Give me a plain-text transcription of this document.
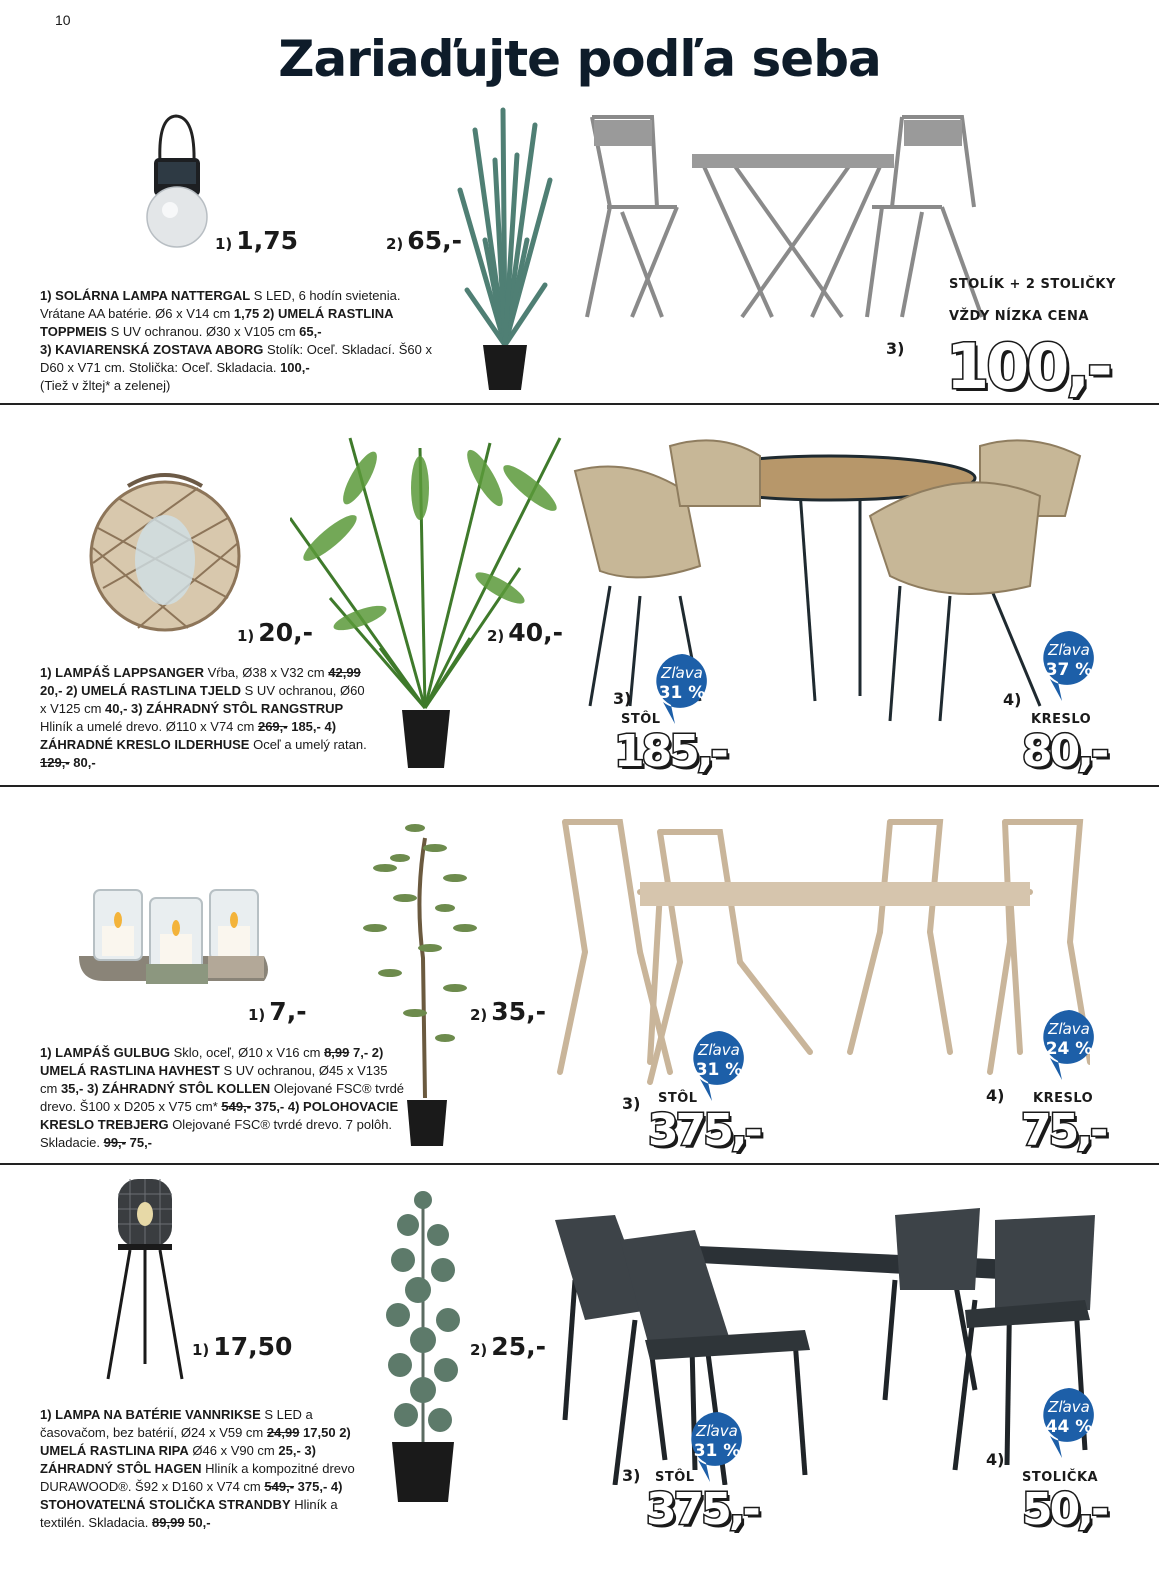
10
Zariaďujte podľa seba
1) 1,75	2) 65,-
STOLÍK + 2 STOLIČKY
VŽDY NÍZKA CENA
3) 100,-
1) SOLÁRNA LAMPA NATTERGAL S LED, 6 hodín svietenia. Vrátane AA batérie. Ø6 x V14 cm 1,75 2) UMELÁ RASTLINA TOPPMEIS S UV ochranou. Ø30 x V105 cm 65,-
3) KAVIARENSKÁ ZOSTAVA ABORG Stolík: Oceľ. Skladací. Š60 x D60 x V71 cm. Stolička: Oceľ. Skladacia. 100,-
(Tiež v žltej* a zelenej)
1) 20,-	2) 40,-
Zľava
31 %
Zľava
37 %
3)
STÔL
185,-
4)
KRESLO
80,-
1) LAMPÁŠ LAPPSANGER Vŕba, Ø38 x V32 cm 42,99 20,- 2) UMELÁ RASTLINA TJELD S UV ochranou, Ø60 x V125 cm 40,- 3) ZÁHRADNÝ STÔL RANGSTRUP Hliník a umelé drevo. Ø110 x V74 cm 269,- 185,- 4) ZÁHRADNÉ KRESLO ILDERHUSE Oceľ a umelý ratan. 129,- 80,-
1) 7,-	2) 35,-
Zľava
31 %
Zľava
24 %
3) STÔL
375,-
4) KRESLO
75,-
1) LAMPÁŠ GULBUG Sklo, oceľ, Ø10 x V16 cm 8,99 7,- 2) UMELÁ RASTLINA HAVHEST S UV ochranou, Ø45 x V135 cm 35,- 3) ZÁHRADNÝ STÔL KOLLEN Olejované FSC® tvrdé drevo. Š100 x D205 x V75 cm* 549,- 375,- 4) POLOHOVACIE KRESLO TREBJERG Olejované FSC® tvrdé drevo. 7 polôh. Skladacie. 99,- 75,-
1) 17,50	2) 25,-
Zľava
31 %
Zľava
44 %
3) STÔL
375,-
4)
STOLIČKA
50,-
1) LAMPA NA BATÉRIE VANNRIKSE S LED a časovačom, bez batérií, Ø24 x V59 cm 24,99 17,50 2) UMELÁ RASTLINA RIPA Ø46 x V90 cm 25,- 3) ZÁHRADNÝ STÔL HAGEN Hliník a kompozitné drevo DURAWOOD®. Š92 x D160 x V74 cm 549,- 375,- 4) STOHOVATEĽNÁ STOLIČKA STRANDBY Hliník a textilén. Skladacia. 89,99 50,-
